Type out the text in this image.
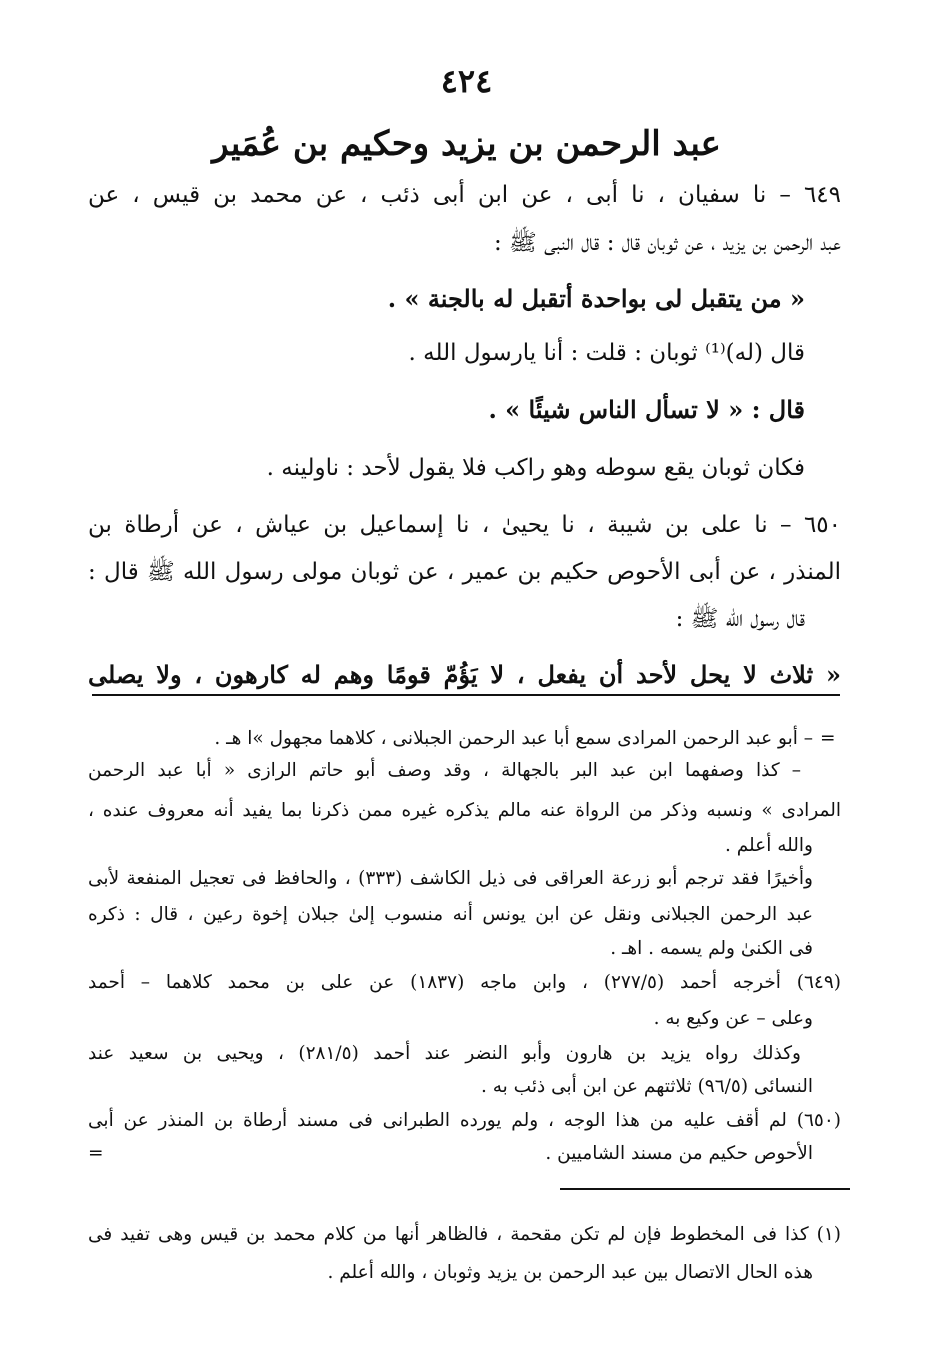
٤٢٤
عبد الرحمن بن يزيد وحكيم بن عُمَير
٦٤٩ – نا سفيان ، نا أبى ، عن ابن أبى ذئب ، عن محمد بن قيس ، عن
عبد الرحمن بن يزيد ، عن ثوبان قال : قال النبى ﷺ :
« من يتقبل لى بواحدة أتقبل له بالجنة » .
قال (له)⁽¹⁾ ثوبان : قلت : أنا يارسول الله .
قال : « لا تسأل الناس شيئًا » .
فكان ثوبان يقع سوطه وهو راكب فلا يقول لأحد : ناولينه .
٦٥٠ – نا على بن شيبة ، نا يحيىٰ ، نا إسماعيل بن عياش ، عن أرطاة بن
المنذر ، عن أبى الأحوص حكيم بن عمير ، عن ثوبان مولى رسول الله ﷺ قال :
قال رسول الله ﷺ :
« ثلاث لا يحل لأحد أن يفعل ، لا يَؤُمّ قومًا وهم له كارهون ، ولا يصلى
– أبو عبد الرحمن المرادى سمع أبا عبد الرحمن الجبلانى ، كلاهما مجهول »ا هـ . =
– كذا وصفهما ابن عبد البر بالجهالة ، وقد وصف أبو حاتم الرازى « أبا عبد الرحمن
المرادى » ونسبه وذكر من الرواة عنه مالم يذكره غيره ممن ذكرنا بما يفيد أنه معروف عنده ،
والله أعلم .
وأخيرًا فقد ترجم أبو زرعة العراقى فى ذيل الكاشف (٣٣٣) ، والحافظ فى تعجيل المنفعة لأبى
عبد الرحمن الجبلانى ونقل عن ابن يونس أنه منسوب إلىٰ جبلان إخوة رعين ، قال : ذكره
فى الكنىٰ ولم يسمه . اهـ .
(٦٤٩) أخرجه أحمد (٢٧٧/٥) ، وابن ماجه (١٨٣٧) عن على بن محمد كلاهما – أحمد
وعلى – عن وكيع به .
وكذلك رواه يزيد بن هارون وأبو النضر عند أحمد (٢٨١/٥) ، ويحيى بن سعيد عند
النسائى (٩٦/٥) ثلاثتهم عن ابن أبى ذئب به .
(٦٥٠) لم أقف عليه من هذا الوجه ، ولم يورده الطبرانى فى مسند أرطاة بن المنذر عن أبى
الأحوص حكيم من مسند الشاميين .
=
(١) كذا فى المخطوط فإن لم تكن مقحمة ، فالظاهر أنها من كلام محمد بن قيس وهى تفيد فى
هذه الحال الاتصال بين عبد الرحمن بن يزيد وثوبان ، والله أعلم .
